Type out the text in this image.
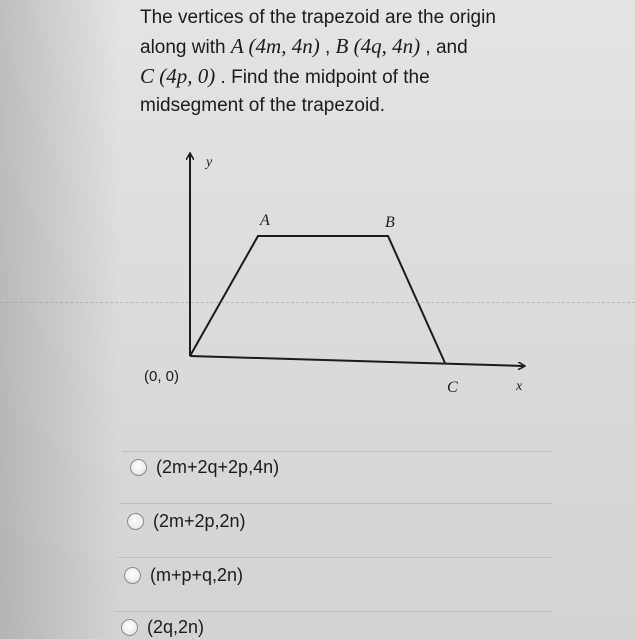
The vertices of the trapezoid are the origin
along with A (4m, 4n) , B (4q, 4n) , and
C (4p, 0) . Find the midpoint of the
midsegment of the trapezoid.
y
x
(0, 0)
A	B
C
(2m+2q+2p,4n)
(2m+2p,2n)
(m+p+q,2n)
(2q,2n)
